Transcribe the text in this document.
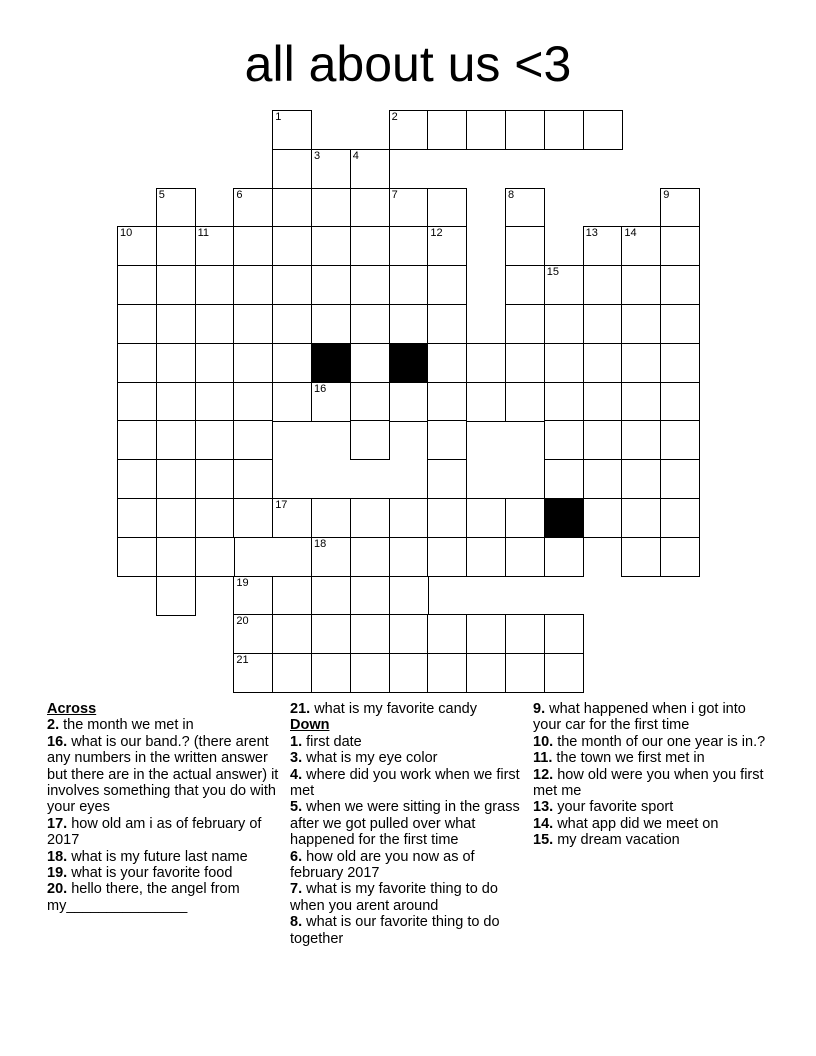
all about us <3
1	2
3	4
5	6	7	8	9
10	11	12	13 14
15
16
17
18
19
20
21
Across
2. the month we met in
16. what is our band.? (there arent any numbers in the written answer but there are in the actual answer) it involves something that you do with your eyes
17. how old am i as of february of 2017
18. what is my future last name
19. what is your favorite food
20. hello there, the angel from my_______________
21. what is my favorite candy
Down
1. first date
3. what is my eye color
4. where did you work when we first met
5. when we were sitting in the grass after we got pulled over what happened for the first time
6. how old are you now as of february 2017
7. what is my favorite thing to do when you arent around
8. what is our favorite thing to do together
9. what happened when i got into your car for the first time
10. the month of our one year is in.?
11. the town we first met in
12. how old were you when you first met me
13. your favorite sport
14. what app did we meet on
15. my dream vacation
